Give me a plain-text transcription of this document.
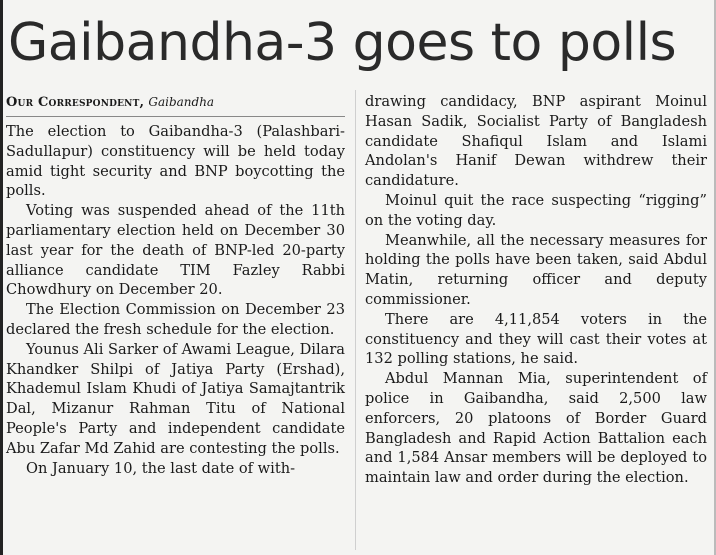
Gaibandha-3 goes to polls
Our Correspondent, Gaibandha

The election to Gaibandha-3 (Palashbari-Sadullapur) constituency will be held today amid tight security and BNP boycotting the polls.

Voting was suspended ahead of the 11th parliamentary election held on December 30 last year for the death of BNP-led 20-party alliance candidate TIM Fazley Rabbi Chowdhury on December 20.

The Election Commission on December 23 declared the fresh schedule for the election.

Younus Ali Sarker of Awami League, Dilara Khandker Shilpi of Jatiya Party (Ershad), Khademul Islam Khudi of Jatiya Samajtantrik Dal, Mizanur Rahman Titu of National People's Party and independent candidate Abu Zafar Md Zahid are contesting the polls.

On January 10, the last date of with-

drawing candidacy, BNP aspirant Moinul Hasan Sadik, Socialist Party of Bangladesh candidate Shafiqul Islam and Islami Andolan's Hanif Dewan withdrew their candidature.

Moinul quit the race suspecting “rigging” on the voting day.

Meanwhile, all the necessary measures for holding the polls have been taken, said Abdul Matin, returning officer and deputy commissioner.

There are 4,11,854 voters in the constituency and they will cast their votes at 132 polling stations, he said.

Abdul Mannan Mia, superintendent of police in Gaibandha, said 2,500 law enforcers, 20 platoons of Border Guard Bangladesh and Rapid Action Battalion each and 1,584 Ansar members will be deployed to maintain law and order during the election.
